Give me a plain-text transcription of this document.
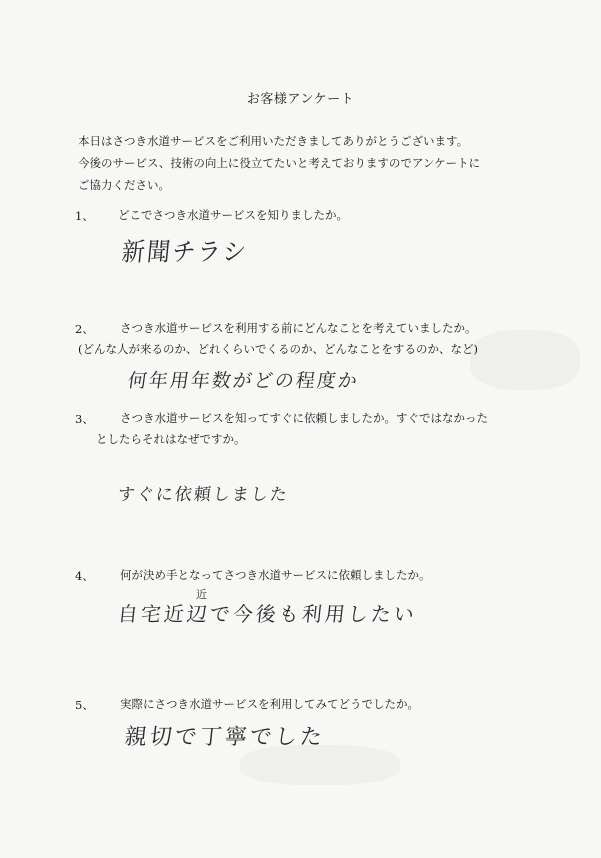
お客様アンケート
本日はさつき水道サービスをご利用いただきましてありがとうございます。
今後のサービス、技術の向上に役立てたいと考えておりますのでアンケートに
ご協力ください。
1、 どこでさつき水道サービスを知りましたか。
新聞チラシ
2、 さつき水道サービスを利用する前にどんなことを考えていましたか。
(どんな人が来るのか、どれくらいでくるのか、どんなことをするのか、など)
何年用年数がどの程度か
3、 さつき水道サービスを知ってすぐに依頼しましたか。すぐではなかった
としたらそれはなぜですか。
すぐに依頼しました
4、 何が決め手となってさつき水道サービスに依頼しましたか。
近
自宅近辺で今後も利用したい
5、 実際にさつき水道サービスを利用してみてどうでしたか。
親切で丁寧でした
